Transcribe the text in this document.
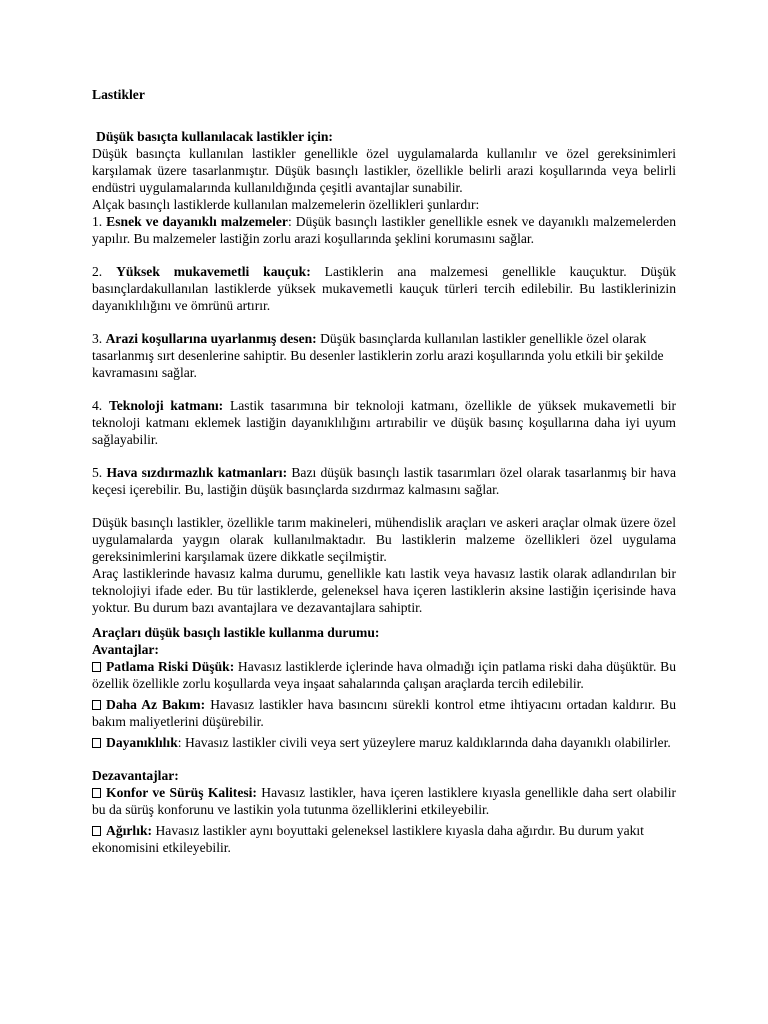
Lastikler

Düşük basıçta kullanılacak lastikler için:

Düşük basınçta kullanılan lastikler genellikle özel uygulamalarda kullanılır ve özel gereksinimleri karşılamak üzere tasarlanmıştır. Düşük basınçlı lastikler, özellikle belirli arazi koşullarında veya belirli endüstri uygulamalarında kullanıldığında çeşitli avantajlar sunabilir.

Alçak basınçlı lastiklerde kullanılan malzemelerin özellikleri şunlardır:

1. Esnek ve dayanıklı malzemeler: Düşük basınçlı lastikler genellikle esnek ve dayanıklı malzemelerden yapılır. Bu malzemeler lastiğin zorlu arazi koşullarında şeklini korumasını sağlar.

2. Yüksek mukavemetli kauçuk: Lastiklerin ana malzemesi genellikle kauçuktur. Düşük basınçlardakullanılan lastiklerde yüksek mukavemetli kauçuk türleri tercih edilebilir. Bu lastiklerinizin dayanıklılığını ve ömrünü artırır.

3. Arazi koşullarına uyarlanmış desen: Düşük basınçlarda kullanılan lastikler genellikle özel olarak tasarlanmış sırt desenlerine sahiptir. Bu desenler lastiklerin zorlu arazi koşullarında yolu etkili bir şekilde kavramasını sağlar.

4. Teknoloji katmanı: Lastik tasarımına bir teknoloji katmanı, özellikle de yüksek mukavemetli bir teknoloji katmanı eklemek lastiğin dayanıklılığını artırabilir ve düşük basınç koşullarına daha iyi uyum sağlayabilir.

5. Hava sızdırmazlık katmanları: Bazı düşük basınçlı lastik tasarımları özel olarak tasarlanmış bir hava keçesi içerebilir. Bu, lastiğin düşük basınçlarda sızdırmaz kalmasını sağlar.

Düşük basınçlı lastikler, özellikle tarım makineleri, mühendislik araçları ve askeri araçlar olmak üzere özel uygulamalarda yaygın olarak kullanılmaktadır. Bu lastiklerin malzeme özellikleri özel uygulama gereksinimlerini karşılamak üzere dikkatle seçilmiştir.

Araç lastiklerinde havasız kalma durumu, genellikle katı lastik veya havasız lastik olarak adlandırılan bir teknolojiyi ifade eder. Bu tür lastiklerde, geleneksel hava içeren lastiklerin aksine lastiğin içerisinde hava yoktur. Bu durum bazı avantajlara ve dezavantajlara sahiptir.

Araçları düşük basıçlı lastikle kullanma durumu:

Avantajlar:

Patlama Riski Düşük: Havasız lastiklerde içlerinde hava olmadığı için patlama riski daha düşüktür. Bu özellik özellikle zorlu koşullarda veya inşaat sahalarında çalışan araçlarda tercih edilebilir.

Daha Az Bakım: Havasız lastikler hava basıncını sürekli kontrol etme ihtiyacını ortadan kaldırır. Bu bakım maliyetlerini düşürebilir.

Dayanıklılık: Havasız lastikler civili veya sert yüzeylere maruz kaldıklarında daha dayanıklı olabilirler.

Dezavantajlar:

Konfor ve Sürüş Kalitesi: Havasız lastikler, hava içeren lastiklere kıyasla genellikle daha sert olabilir bu da sürüş konforunu ve lastikin yola tutunma özelliklerini etkileyebilir.

Ağırlık: Havasız lastikler aynı boyuttaki geleneksel lastiklere kıyasla daha ağırdır. Bu durum yakıt ekonomisini etkileyebilir.
